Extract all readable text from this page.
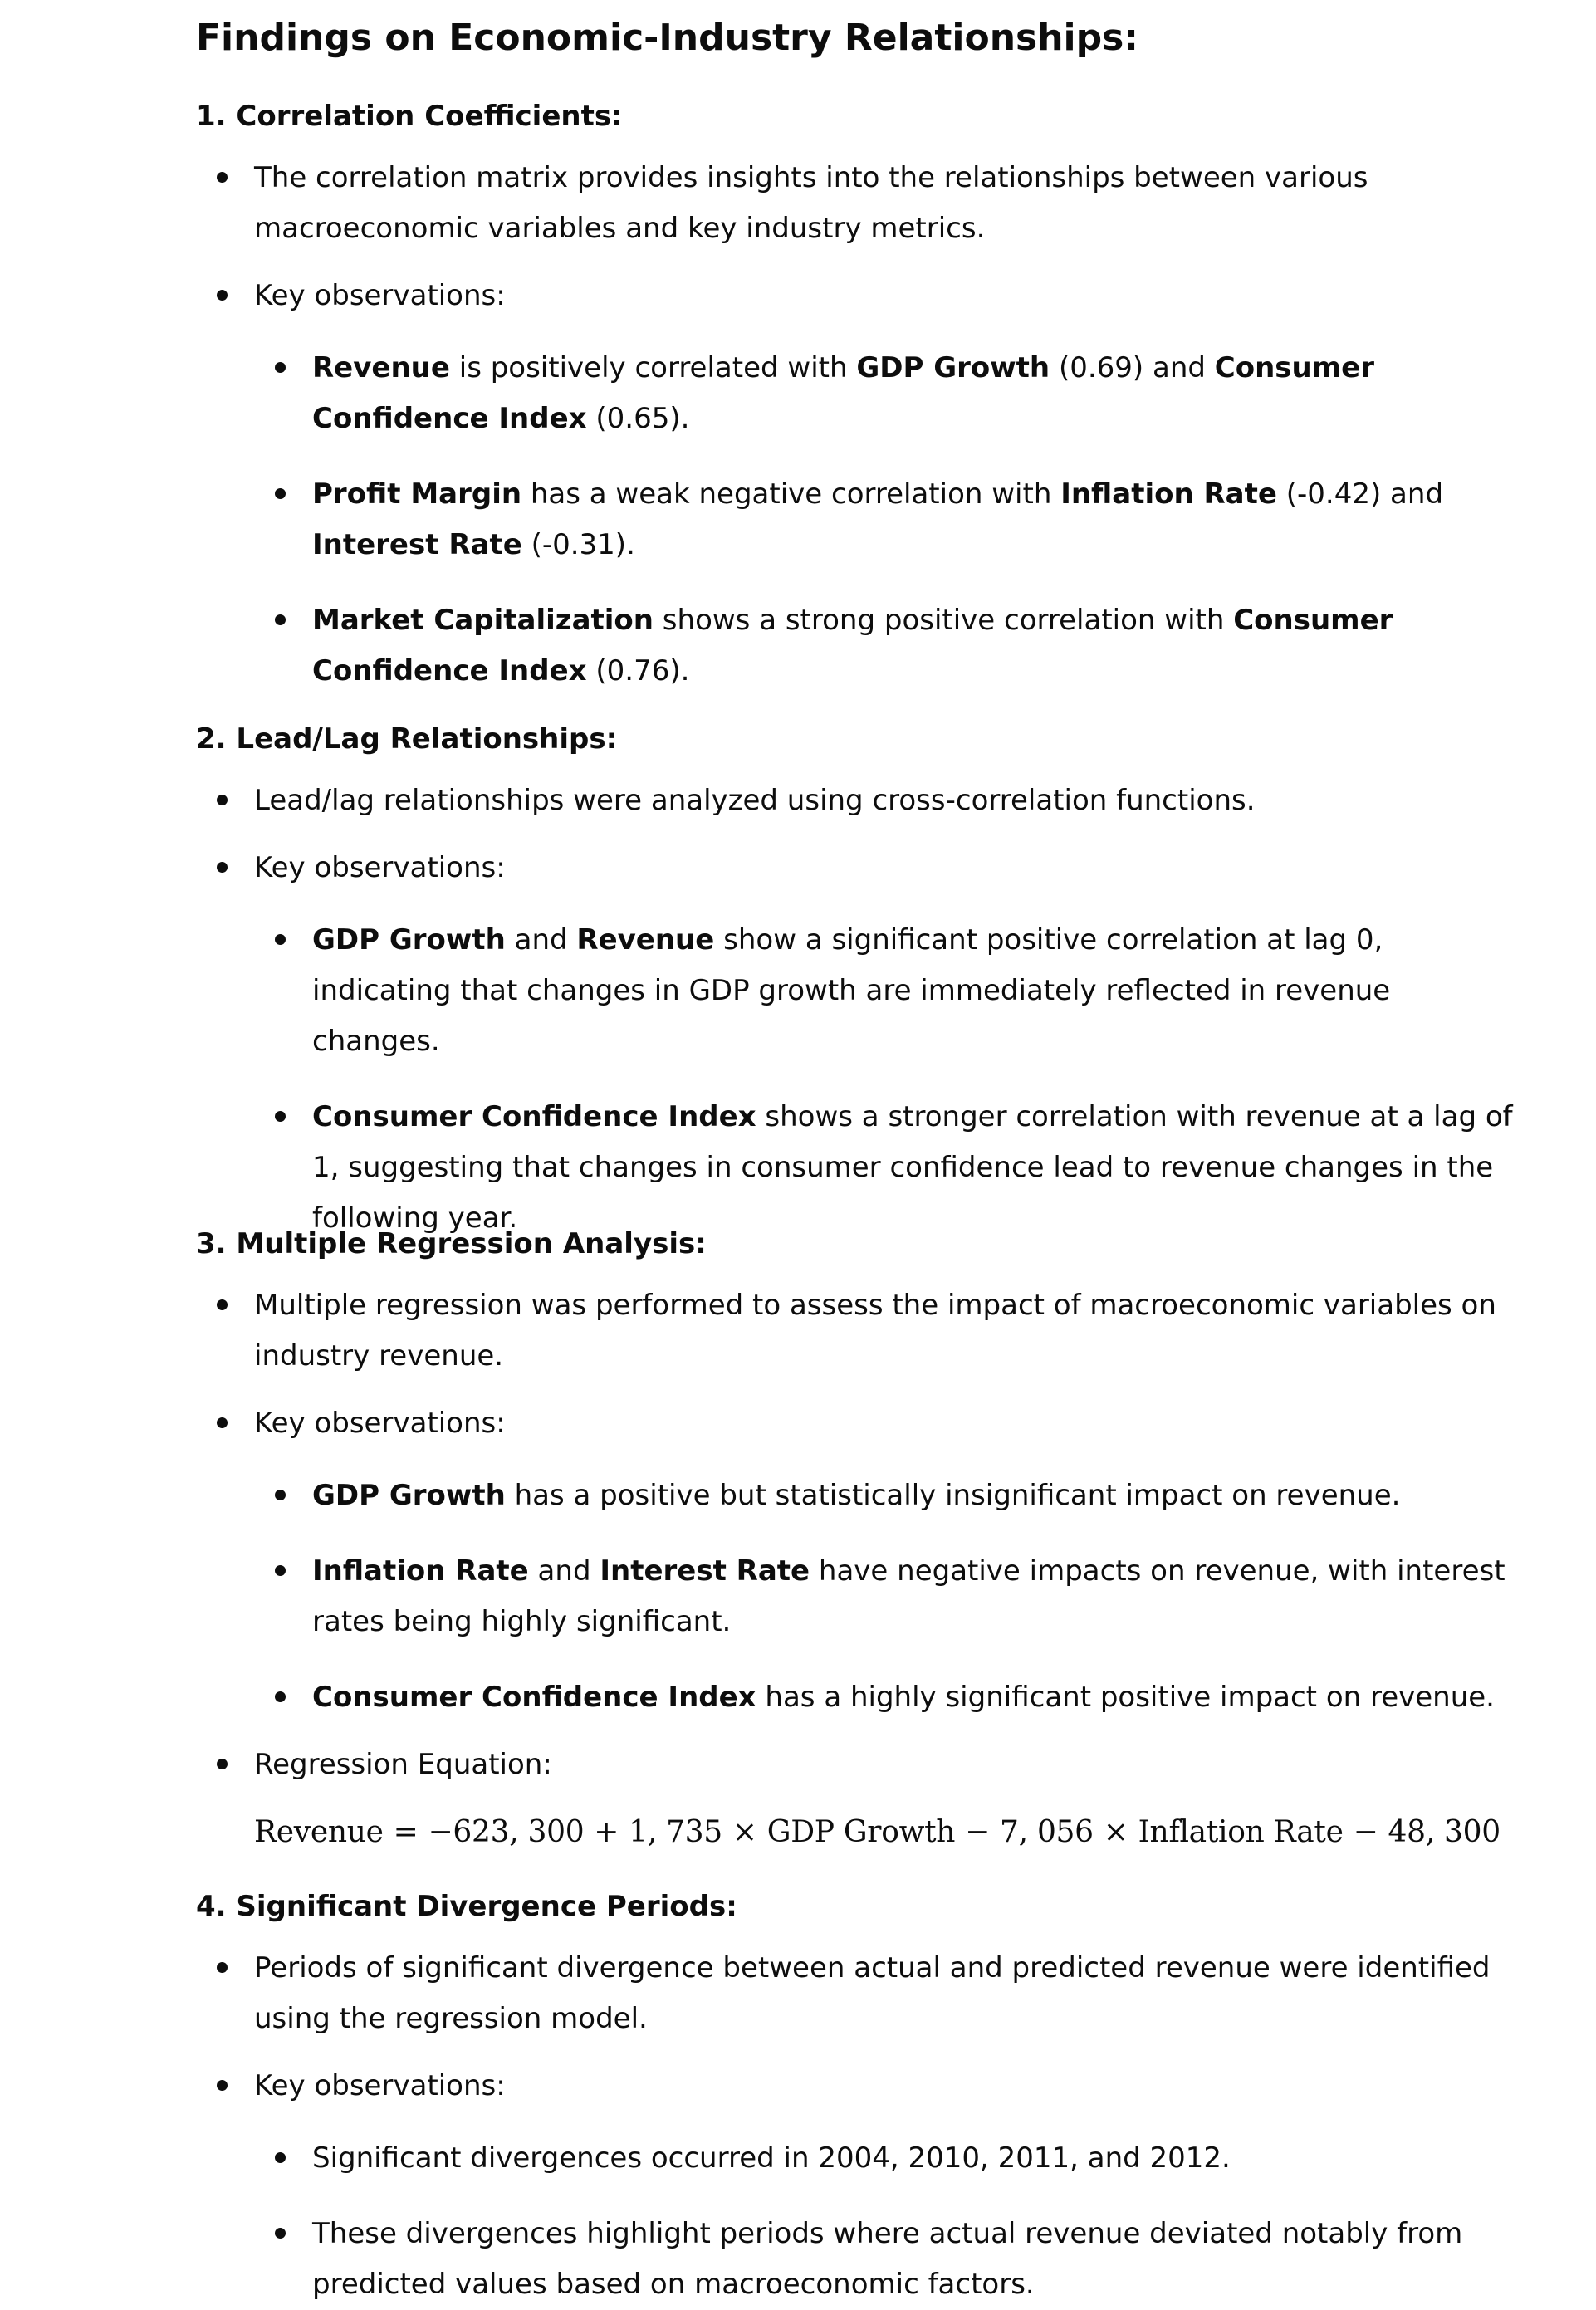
Findings on Economic-Industry Relationships:
1. Correlation Coefficients:
The correlation matrix provides insights into the relationships between various macroeconomic variables and key industry metrics.
Key observations:
Revenue is positively correlated with GDP Growth (0.69) and Consumer Confidence Index (0.65).
Profit Margin has a weak negative correlation with Inflation Rate (-0.42) and Interest Rate (-0.31).
Market Capitalization shows a strong positive correlation with Consumer Confidence Index (0.76).
2. Lead/Lag Relationships:
Lead/lag relationships were analyzed using cross-correlation functions.
Key observations:
GDP Growth and Revenue show a significant positive correlation at lag 0, indicating that changes in GDP growth are immediately reflected in revenue changes.
Consumer Confidence Index shows a stronger correlation with revenue at a lag of 1, suggesting that changes in consumer confidence lead to revenue changes in the following year.
3. Multiple Regression Analysis:
Multiple regression was performed to assess the impact of macroeconomic variables on industry revenue.
Key observations:
GDP Growth has a positive but statistically insignificant impact on revenue.
Inflation Rate and Interest Rate have negative impacts on revenue, with interest rates being highly significant.
Consumer Confidence Index has a highly significant positive impact on revenue.
Regression Equation:
Revenue = −623, 300 + 1, 735 × GDP Growth − 7, 056 × Inflation Rate − 48, 300
4. Significant Divergence Periods:
Periods of significant divergence between actual and predicted revenue were identified using the regression model.
Key observations:
Significant divergences occurred in 2004, 2010, 2011, and 2012.
These divergences highlight periods where actual revenue deviated notably from predicted values based on macroeconomic factors.
